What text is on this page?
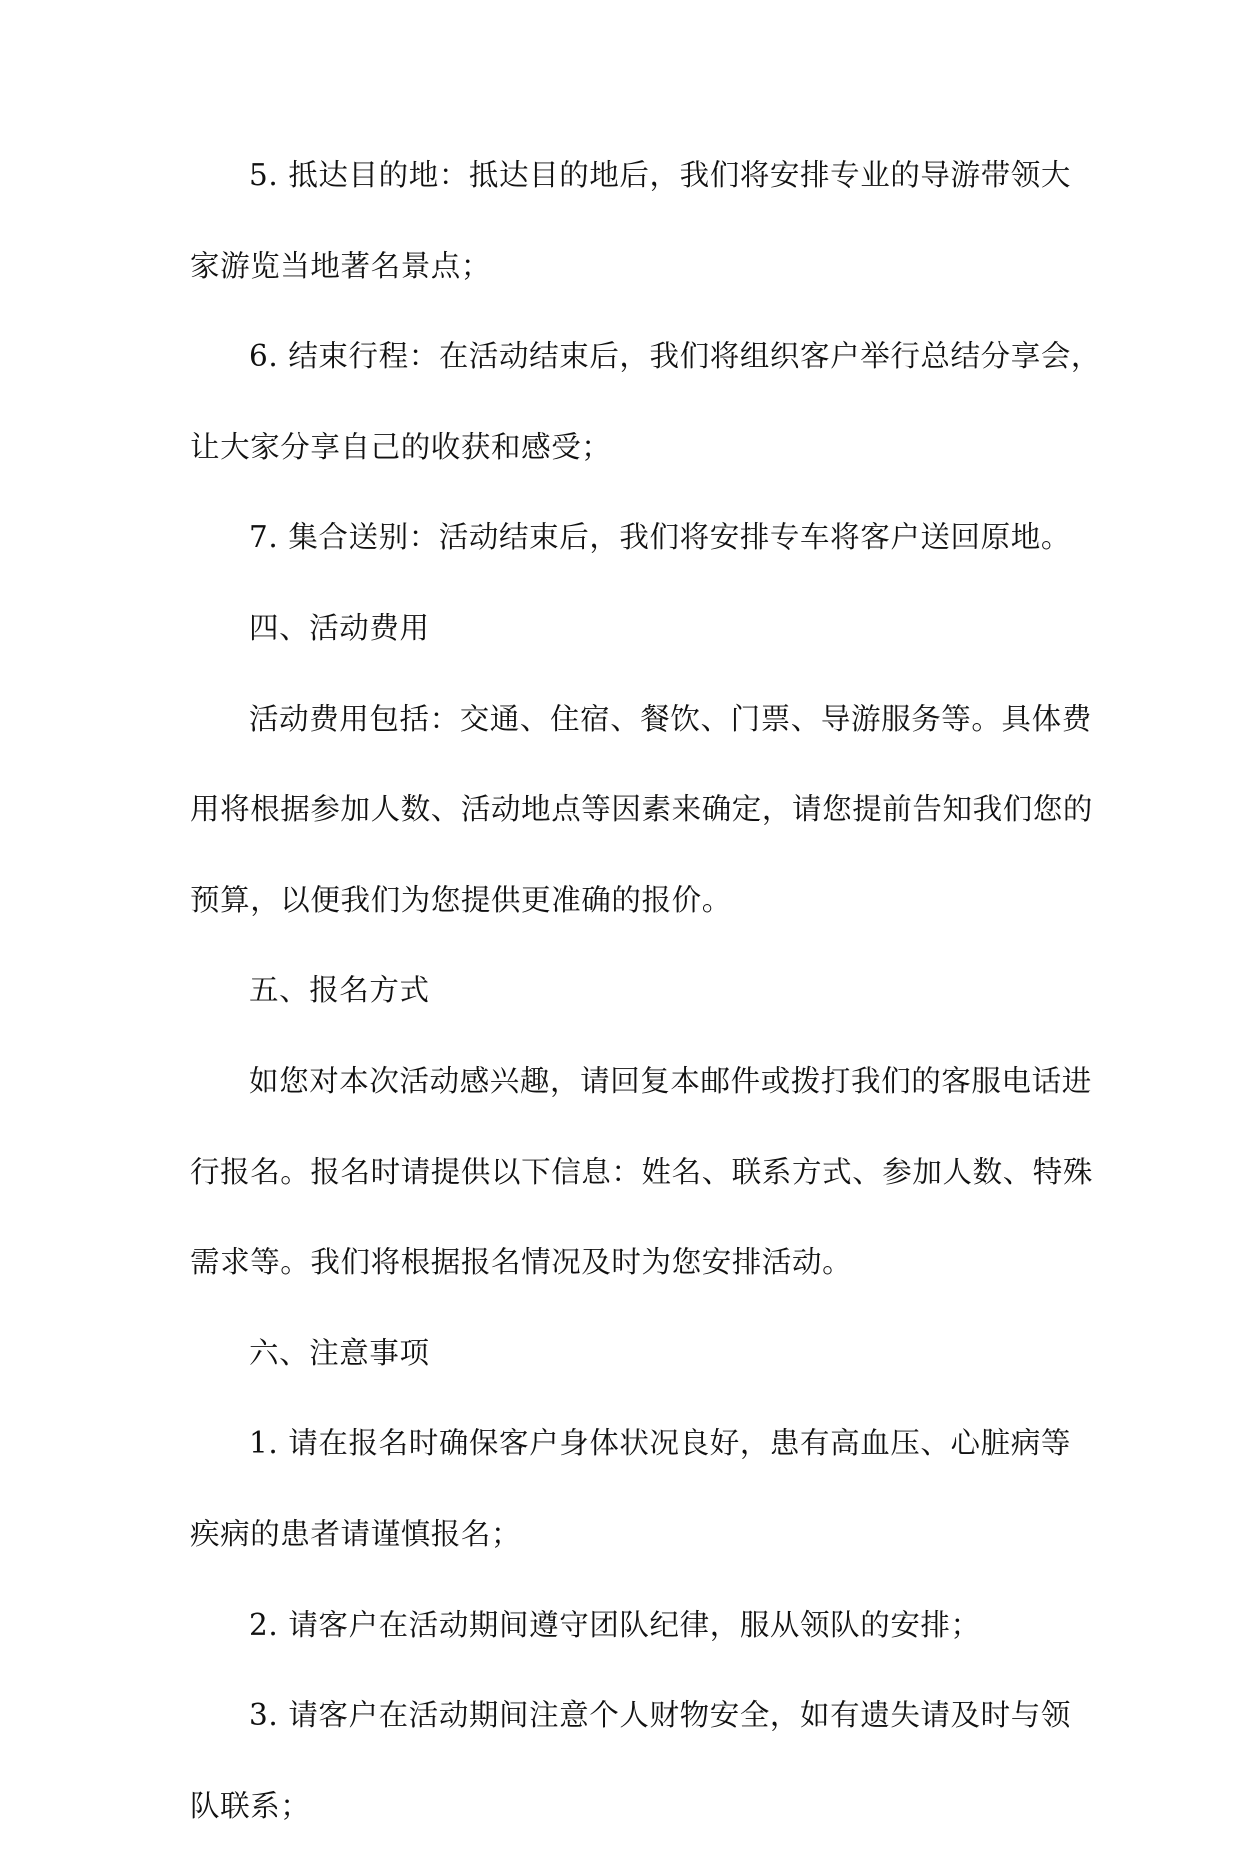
5. 抵达目的地：抵达目的地后，我们将安排专业的导游带领大
家游览当地著名景点；
6. 结束行程：在活动结束后，我们将组织客户举行总结分享会，
让大家分享自己的收获和感受；
7. 集合送别：活动结束后，我们将安排专车将客户送回原地。
四、活动费用
活动费用包括：交通、住宿、餐饮、门票、导游服务等。具体费
用将根据参加人数、活动地点等因素来确定，请您提前告知我们您的
预算，以便我们为您提供更准确的报价。
五、报名方式
如您对本次活动感兴趣，请回复本邮件或拨打我们的客服电话进
行报名。报名时请提供以下信息：姓名、联系方式、参加人数、特殊
需求等。我们将根据报名情况及时为您安排活动。
六、注意事项
1. 请在报名时确保客户身体状况良好，患有高血压、心脏病等
疾病的患者请谨慎报名；
2. 请客户在活动期间遵守团队纪律，服从领队的安排；
3. 请客户在活动期间注意个人财物安全，如有遗失请及时与领
队联系；
